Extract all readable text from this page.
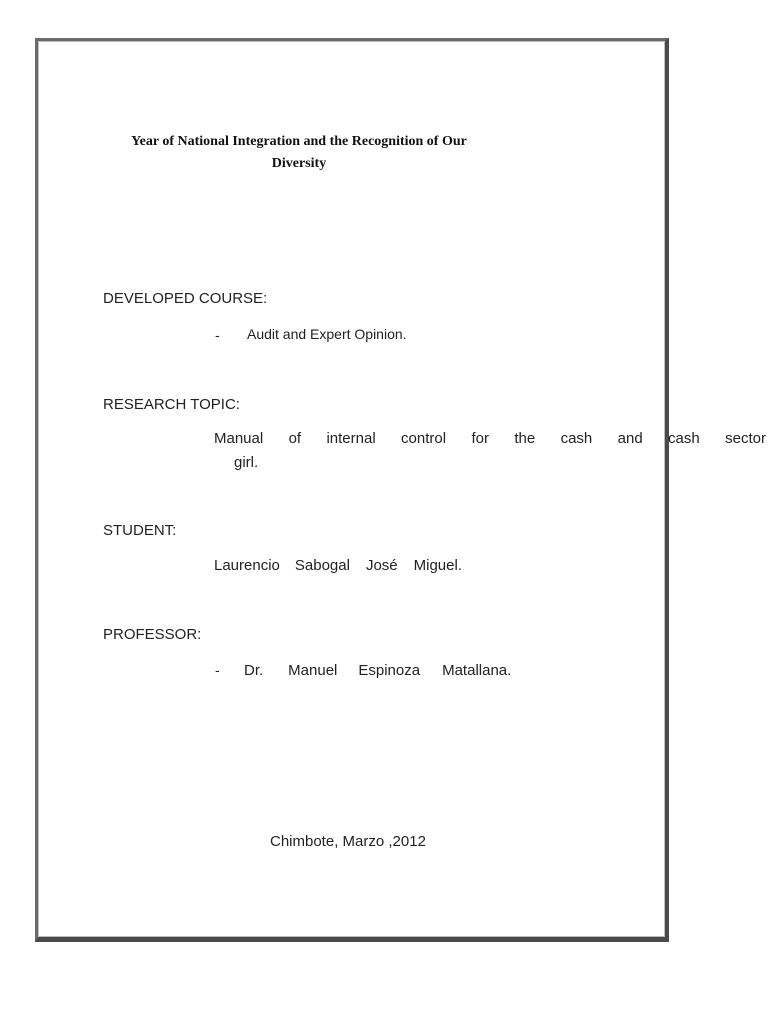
Year of National Integration and the Recognition of Our
Diversity
DEVELOPED COURSE:
- Audit and Expert Opinion.
RESEARCH TOPIC:
Manual of internal control for the cash and cash sector
girl.
STUDENT:
Laurencio Sabogal José Miguel.
PROFESSOR:
- Dr. Manuel Espinoza Matallana.
Chimbote, Marzo ,2012
